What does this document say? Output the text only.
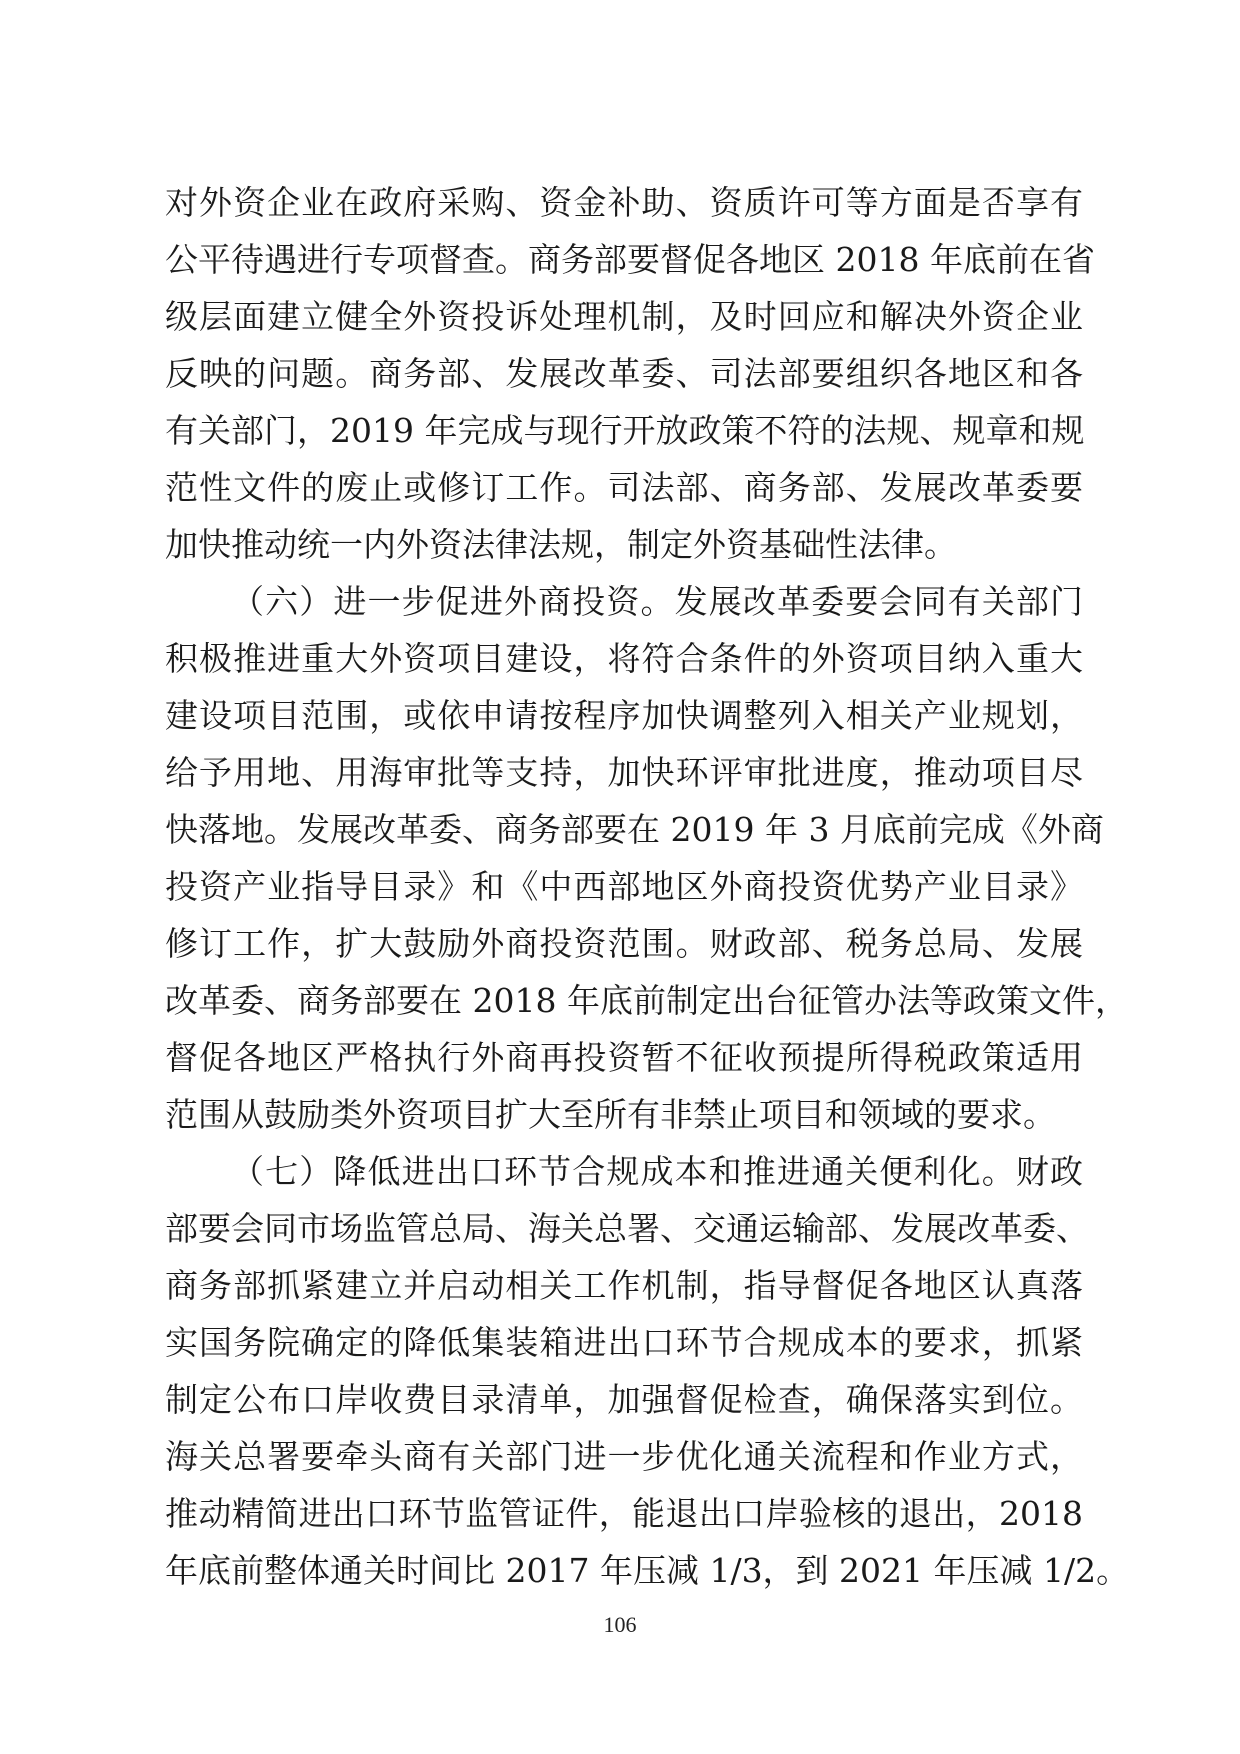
对外资企业在政府采购、资金补助、资质许可等方面是否享有
公平待遇进行专项督查。商务部要督促各地区 2018 年底前在省
级层面建立健全外资投诉处理机制，及时回应和解决外资企业
反映的问题。商务部、发展改革委、司法部要组织各地区和各
有关部门，2019 年完成与现行开放政策不符的法规、规章和规
范性文件的废止或修订工作。司法部、商务部、发展改革委要
加快推动统一内外资法律法规，制定外资基础性法律。
（六）进一步促进外商投资。发展改革委要会同有关部门
积极推进重大外资项目建设，将符合条件的外资项目纳入重大
建设项目范围，或依申请按程序加快调整列入相关产业规划，
给予用地、用海审批等支持，加快环评审批进度，推动项目尽
快落地。发展改革委、商务部要在 2019 年 3 月底前完成《外商
投资产业指导目录》和《中西部地区外商投资优势产业目录》
修订工作，扩大鼓励外商投资范围。财政部、税务总局、发展
改革委、商务部要在 2018 年底前制定出台征管办法等政策文件，
督促各地区严格执行外商再投资暂不征收预提所得税政策适用
范围从鼓励类外资项目扩大至所有非禁止项目和领域的要求。
（七）降低进出口环节合规成本和推进通关便利化。财政
部要会同市场监管总局、海关总署、交通运输部、发展改革委、
商务部抓紧建立并启动相关工作机制，指导督促各地区认真落
实国务院确定的降低集装箱进出口环节合规成本的要求，抓紧
制定公布口岸收费目录清单，加强督促检查，确保落实到位。
海关总署要牵头商有关部门进一步优化通关流程和作业方式，
推动精简进出口环节监管证件，能退出口岸验核的退出，2018
年底前整体通关时间比 2017 年压减 1/3，到 2021 年压减 1/2。
106
